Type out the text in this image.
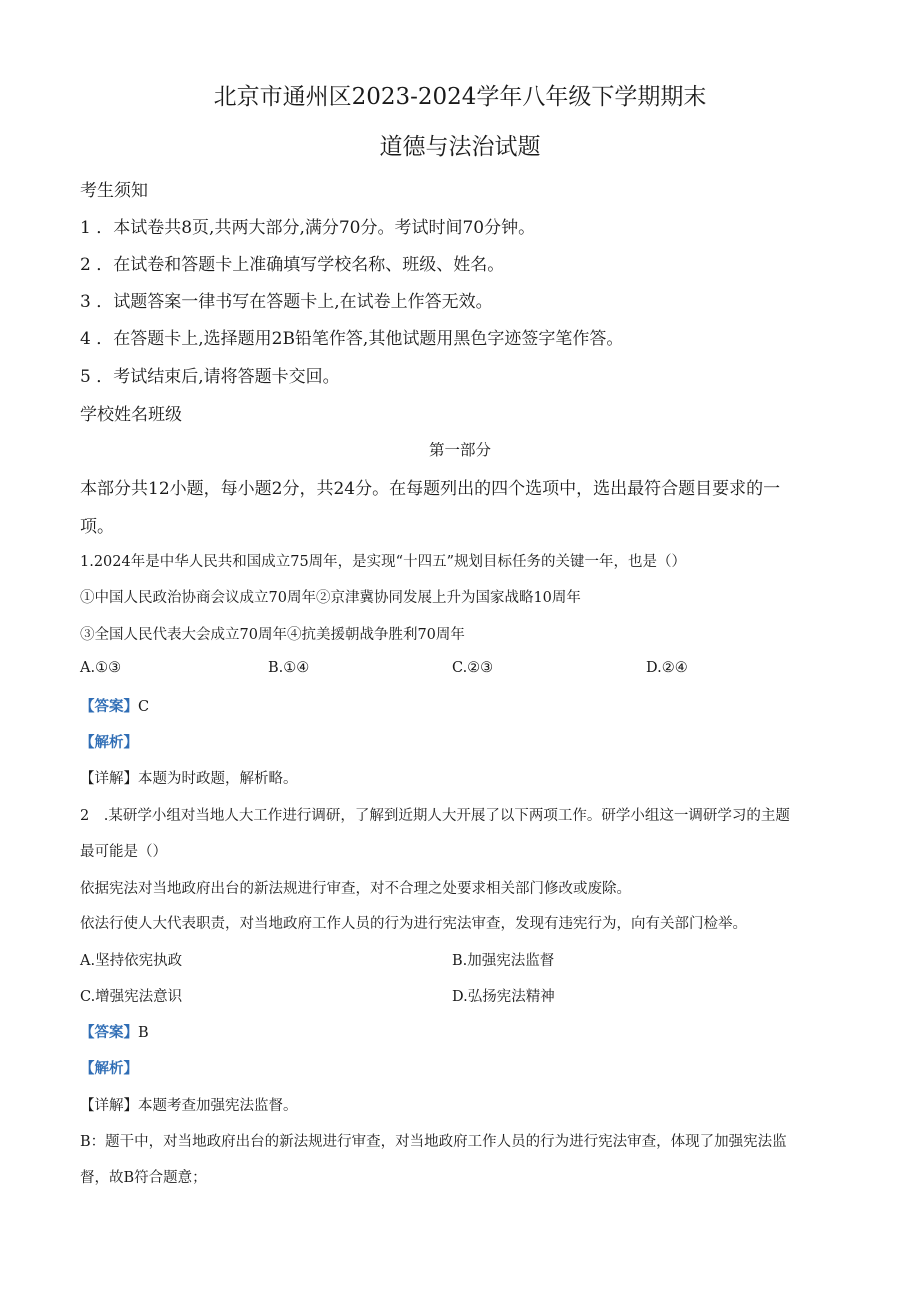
北京市通州区2023-2024学年八年级下学期期末
道德与法治试题
考生须知
1 ．本试卷共8页,共两大部分,满分70分。考试时间70分钟。
2 ．在试卷和答题卡上准确填写学校名称、班级、姓名。
3 ．试题答案一律书写在答题卡上,在试卷上作答无效。
4 ．在答题卡上,选择题用2B铅笔作答,其他试题用黑色字迹签字笔作答。
5 ．考试结束后,请将答题卡交回。
学校姓名班级
第一部分
本部分共12小题，每小题2分，共24分。在每题列出的四个选项中，选出最符合题目要求的一
项。
1.2024年是中华人民共和国成立75周年，是实现“十四五”规划目标任务的关键一年，也是（）
①中国人民政治协商会议成立70周年②京津冀协同发展上升为国家战略10周年
③全国人民代表大会成立70周年④抗美援朝战争胜利70周年
A.①③	B.①④	C.②③	D.②④
【答案】C
【解析】
【详解】本题为时政题，解析略。
2　.某研学小组对当地人大工作进行调研，了解到近期人大开展了以下两项工作。研学小组这一调研学习的主题
最可能是（）
依据宪法对当地政府出台的新法规进行审查，对不合理之处要求相关部门修改或废除。
依法行使人大代表职责，对当地政府工作人员的行为进行宪法审查，发现有违宪行为，向有关部门检举。
A.坚持依宪执政	B.加强宪法监督
C.增强宪法意识	D.弘扬宪法精神
【答案】B
【解析】
【详解】本题考查加强宪法监督。
B：题干中，对当地政府出台的新法规进行审查，对当地政府工作人员的行为进行宪法审查，体现了加强宪法监
督，故B符合题意；
